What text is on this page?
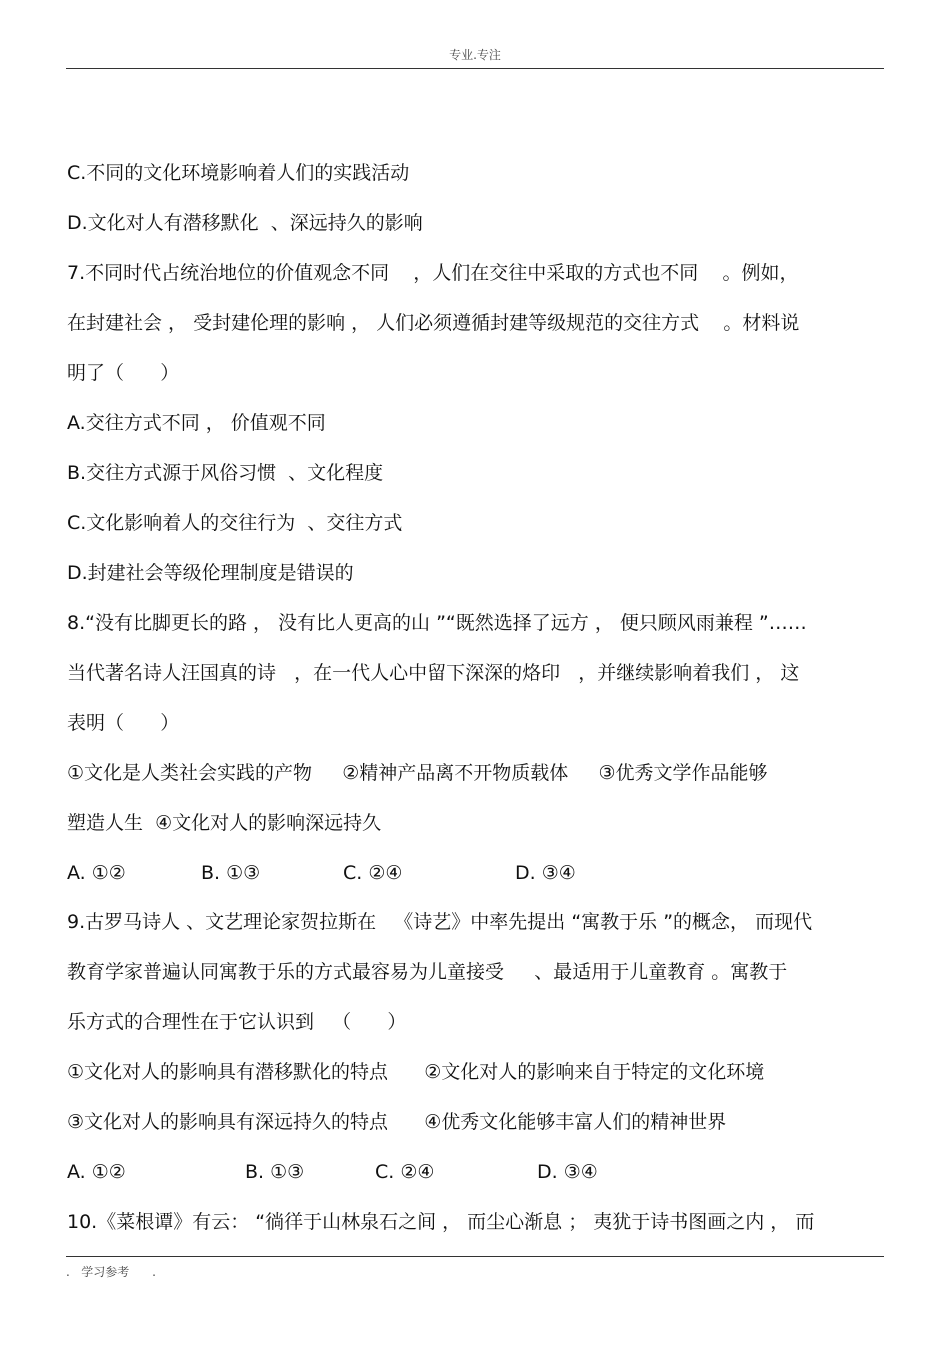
专业.专注
C.不同的文化环境影响着人们的实践活动
D.文化对人有潜移默化  、深远持久的影响
7.不同时代占统治地位的价值观念不同    ，人们在交往中采取的方式也不同    。例如，
在封建社会 ， 受封建伦理的影响 ， 人们必须遵循封建等级规范的交往方式    。材料说
明了（      ）
A.交往方式不同 ， 价值观不同
B.交往方式源于风俗习惯  、文化程度
C.文化影响着人的交往行为  、交往方式
D.封建社会等级伦理制度是错误的
8.“没有比脚更长的路 ， 没有比人更高的山 ”“既然选择了远方 ， 便只顾风雨兼程 ”……
当代著名诗人汪国真的诗   ，在一代人心中留下深深的烙印   ，并继续影响着我们 ， 这
表明（      ）
①文化是人类社会实践的产物     ②精神产品离不开物质载体     ③优秀文学作品能够
塑造人生  ④文化对人的影响深远持久
A. ①②	B. ①③	C. ②④	D. ③④
9.古罗马诗人 、文艺理论家贺拉斯在   《诗艺》中率先提出 “寓教于乐 ”的概念， 而现代
教育学家普遍认同寓教于乐的方式最容易为儿童接受     、最适用于儿童教育 。寓教于
乐方式的合理性在于它认识到   （      ）
①文化对人的影响具有潜移默化的特点      ②文化对人的影响来自于特定的文化环境
③文化对人的影响具有深远持久的特点      ④优秀文化能够丰富人们的精神世界
A. ①②	B. ①③	C. ②④	D. ③④
10.《菜根谭》有云： “徜徉于山林泉石之间 ， 而尘心渐息 ； 夷犹于诗书图画之内 ， 而
.   学习参考      .
